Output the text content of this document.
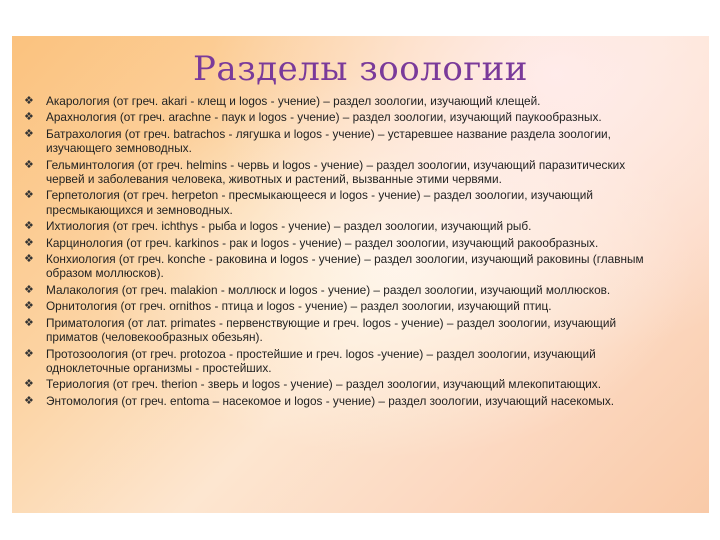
Разделы зоологии
❖	Акарология (от греч. akari - клещ и logos - учение) – раздел зоологии, изучающий клещей.
❖	Арахнология (от греч. arachne - паук и logos - учение) – раздел зоологии, изучающий паукообразных.
❖	Батрахология (от греч. batrachos - лягушка и logos - учение) – устаревшее название раздела зоологии, изучающего земноводных.
❖	Гельминтология (от греч. helmins - червь и logos - учение) – раздел зоологии, изучающий паразитических червей и заболевания человека, животных и растений, вызванные этими червями.
❖	Герпетология (от греч. herpeton - пресмыкающееся и logos - учение) – раздел зоологии, изучающий пресмыкающихся и земноводных.
❖	Ихтиология (от греч. ichthys - рыба и logos - учение) – раздел зоологии, изучающий рыб.
❖	Карцинология (от греч. karkinos - рак и logos - учение) – раздел зоологии, изучающий ракообразных.
❖	Конхиология (от греч. konche - раковина и logos - учение) – раздел зоологии, изучающий раковины (главным образом моллюсков).
❖	Малакология (от греч. malakion - моллюск и logos - учение) – раздел зоологии, изучающий моллюсков.
❖	Орнитология (от греч. ornithos - птица и logos - учение) – раздел зоологии, изучающий птиц.
❖	Приматология (от лат. primates - первенствующие и греч. logos - учение) – раздел зоологии, изучающий приматов (человекообразных обезьян).
❖	Протозоология (от греч. protozoa - простейшие и греч. logos -учение) – раздел зоологии, изучающий одноклеточные организмы - простейших.
❖	Териология (от греч. therion - зверь и logos - учение) – раздел зоологии, изучающий млекопитающих.
❖	Энтомология (от греч. entoma – насекомое и logos - учение) – раздел зоологии, изучающий насекомых.
